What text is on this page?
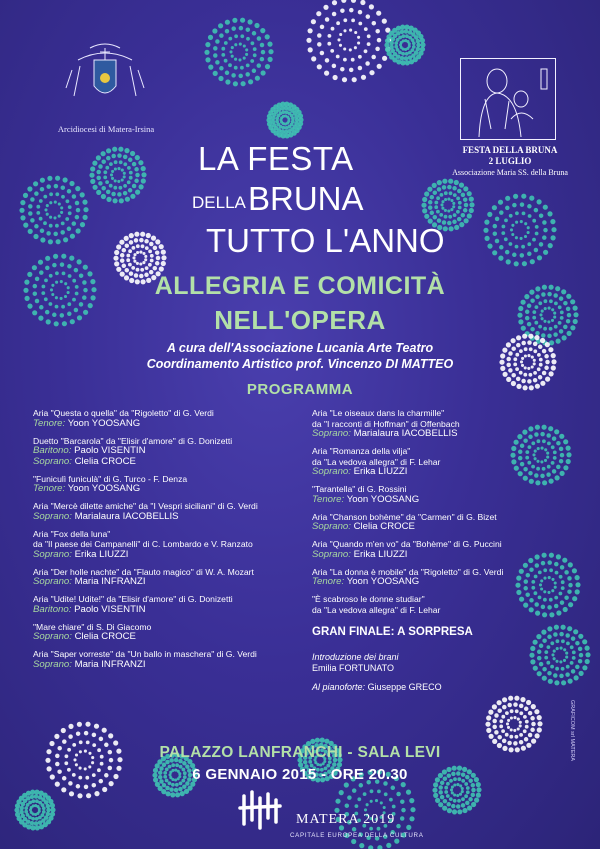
Arcidiocesi di Matera-Irsina
FESTA DELLA BRUNA
2 LUGLIO
Associazione Maria SS. della Bruna
LA FESTA
DELLA BRUNA
TUTTO L'ANNO
ALLEGRIA E COMICITÀ
NELL'OPERA
A cura dell'Associazione Lucania Arte Teatro
Coordinamento Artistico prof. Vincenzo DI MATTEO
PROGRAMMA
Aria "Questa o quella" da "Rigoletto" di G. Verdi
Tenore: Yoon YOOSANG
Duetto "Barcarola" da "Elisir d'amore" di G. Donizetti
Baritono: Paolo VISENTIN
Soprano: Clelia CROCE
"Funiculì funiculà" di G. Turco - F. Denza
Tenore: Yoon YOOSANG
Aria "Mercè dilette amiche" da "I Vespri siciliani" di G. Verdi
Soprano: Marialaura IACOBELLIS
Aria "Fox della luna"
da "Il paese dei Campanelli" di C. Lombardo e V. Ranzato
Soprano: Erika LIUZZI
Aria "Der holle nachte" da "Flauto magico" di W. A. Mozart
Soprano: Maria INFRANZI
Aria "Udite! Udite!" da "Elisir d'amore" di G. Donizetti
Baritono: Paolo VISENTIN
"Mare chiare" di S. Di Giacomo
Soprano: Clelia CROCE
Aria "Saper vorreste" da "Un ballo in maschera" di G. Verdi
Soprano: Maria INFRANZI
Aria "Le oiseaux dans la charmille"
da "I racconti di Hoffman" di Offenbach
Soprano: Marialaura IACOBELLIS
Aria "Romanza della vilja"
da "La vedova allegra" di F. Lehar
Soprano: Erika LIUZZI
"Tarantella" di G. Rossini
Tenore: Yoon YOOSANG
Aria "Chanson bohème" da "Carmen" di G. Bizet
Soprano: Clelia CROCE
Aria "Quando m'en vo" da "Bohème" di G. Puccini
Soprano: Erika LIUZZI
Aria "La donna è mobile" da "Rigoletto" di G. Verdi
Tenore: Yoon YOOSANG
"È scabroso le donne studiar"
da "La vedova allegra" di F. Lehar
GRAN FINALE: A SORPRESA
Introduzione dei brani
Emilia FORTUNATO
Al pianoforte: Giuseppe GRECO
PALAZZO LANFRANCHI - SALA LEVI
6 GENNAIO 2015 - ORE 20.30
MATERA 2019
CAPITALE EUROPEA DELLA CULTURA
GRAFICOM srl MATERA
